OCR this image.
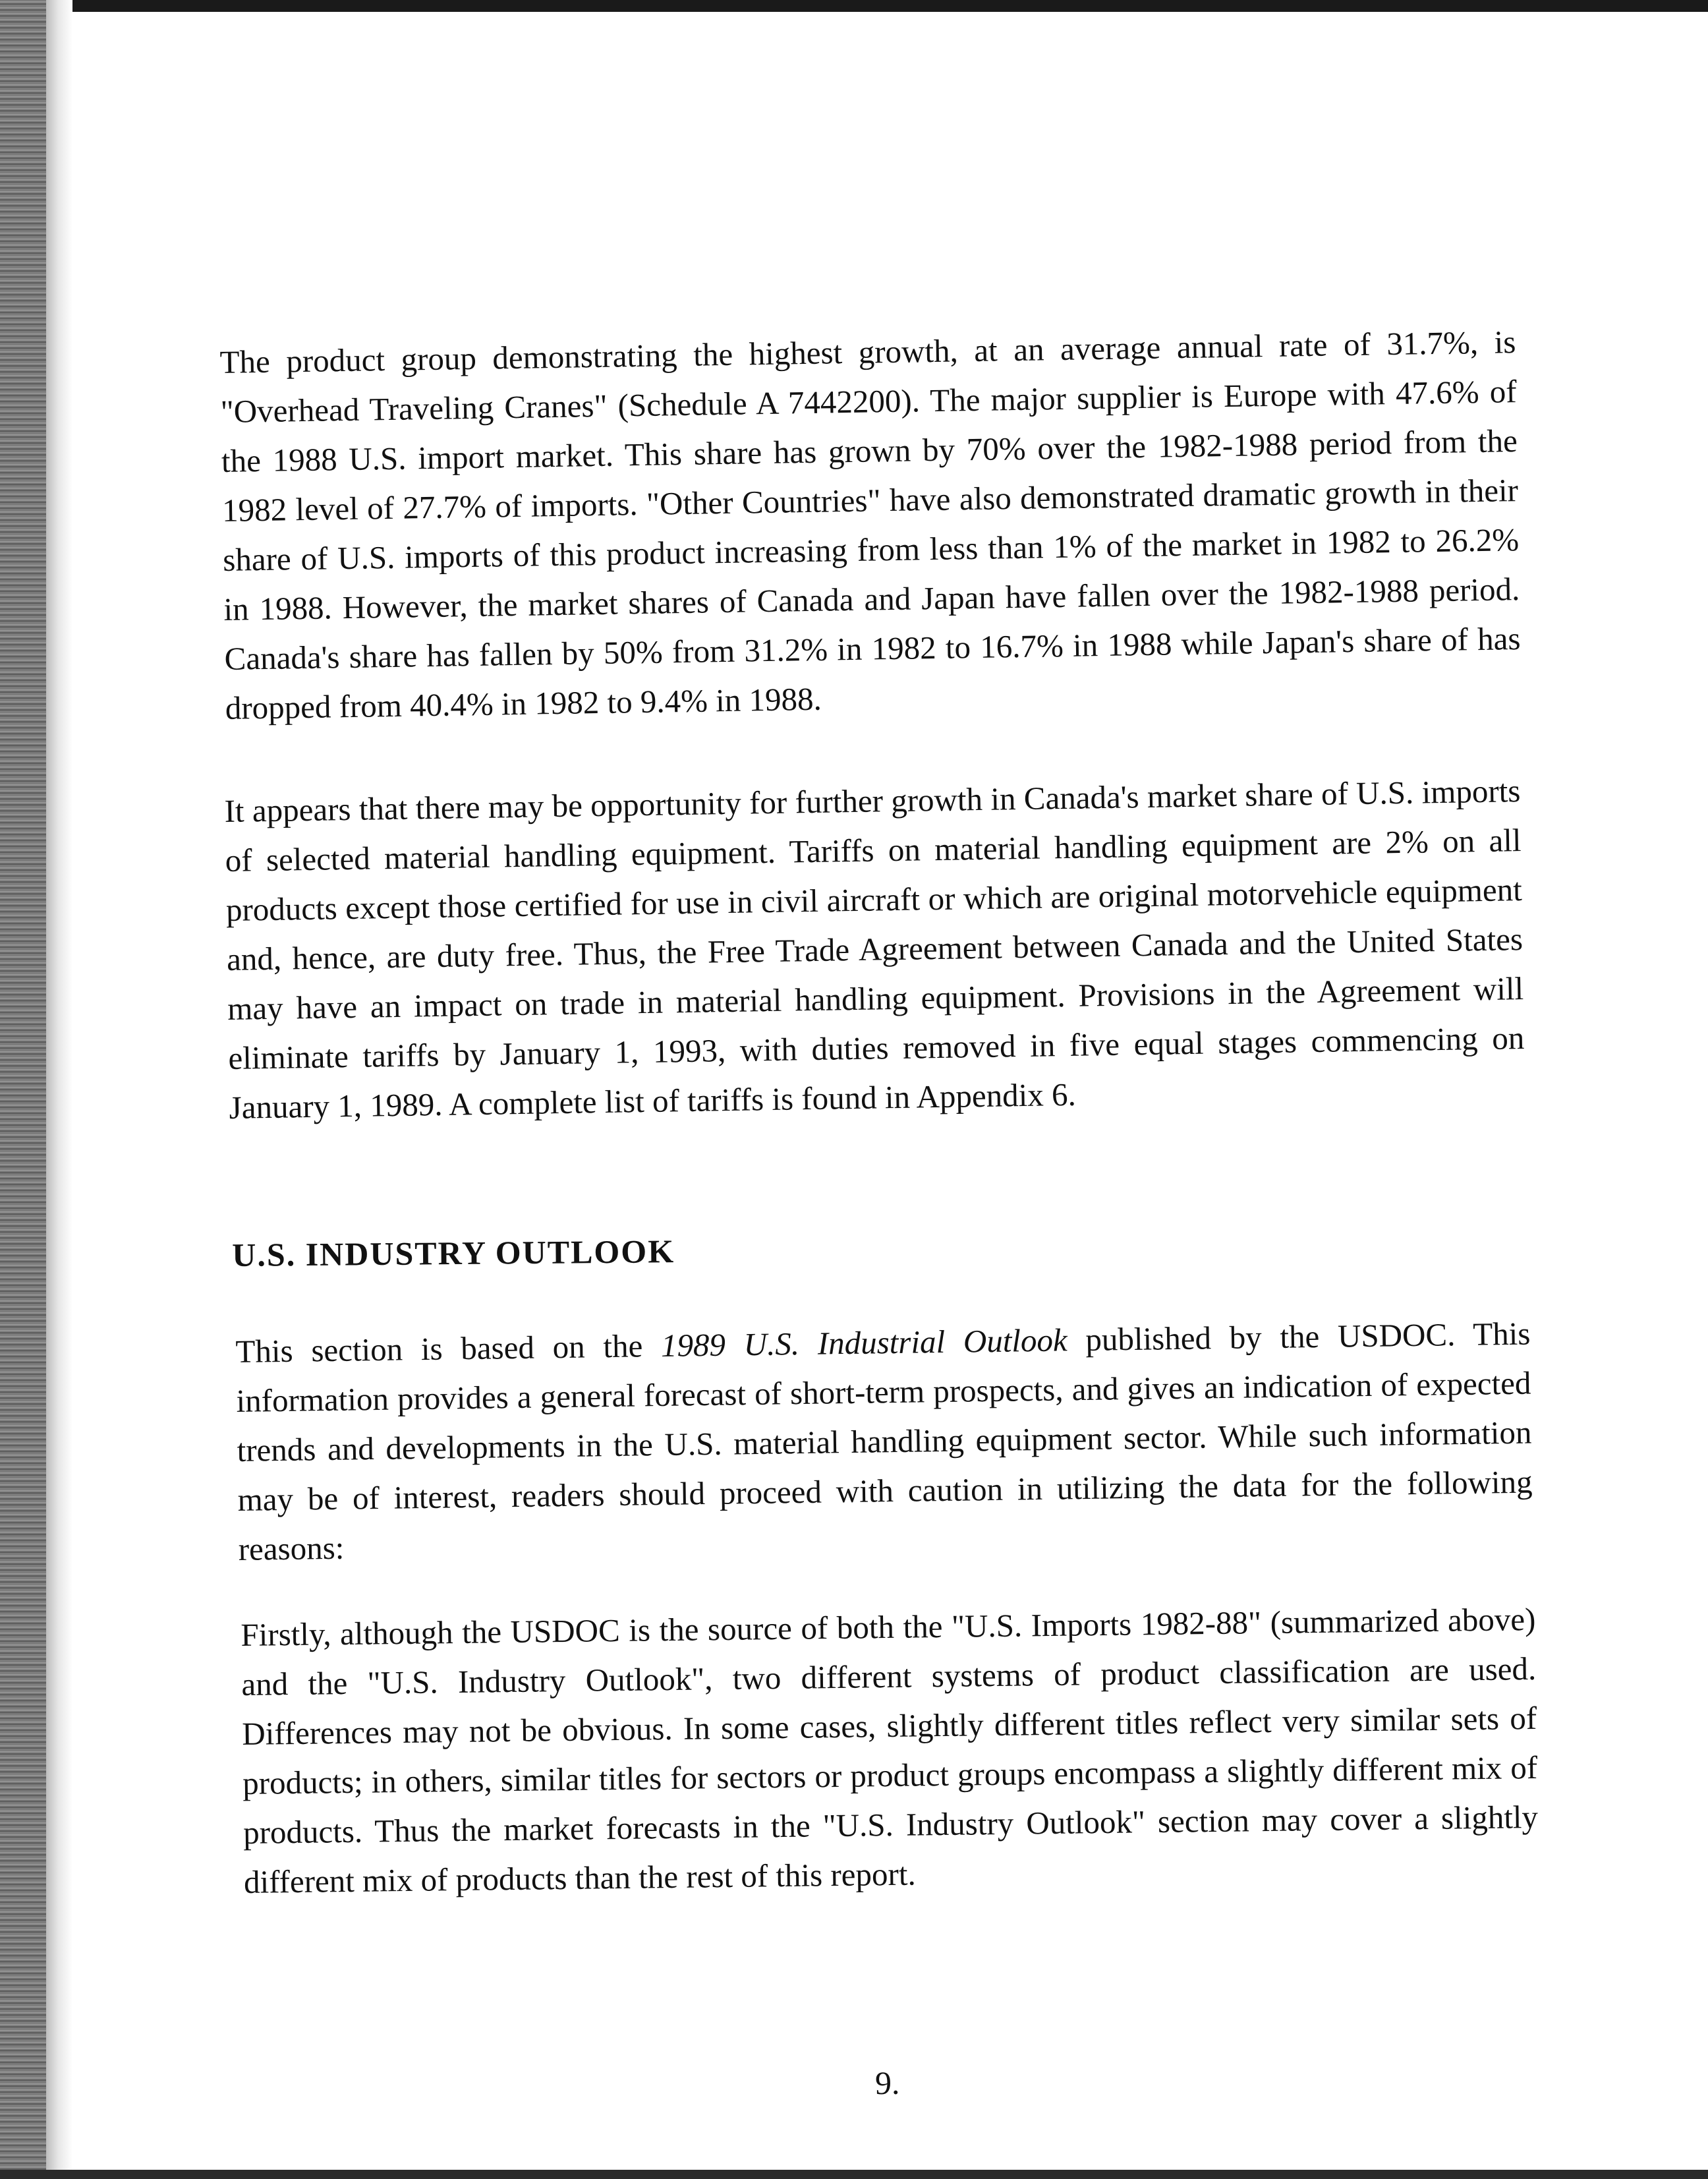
The product group demonstrating the highest growth, at an average annual rate of 31.7%, is "Overhead Traveling Cranes" (Schedule A 7442200). The major supplier is Europe with 47.6% of the 1988 U.S. import market. This share has grown by 70% over the 1982-1988 period from the 1982 level of 27.7% of imports. "Other Countries" have also demonstrated dramatic growth in their share of U.S. imports of this product increasing from less than 1% of the market in 1982 to 26.2% in 1988. However, the market shares of Canada and Japan have fallen over the 1982-1988 period. Canada's share has fallen by 50% from 31.2% in 1982 to 16.7% in 1988 while Japan's share of has dropped from 40.4% in 1982 to 9.4% in 1988.

It appears that there may be opportunity for further growth in Canada's market share of U.S. imports of selected material handling equipment. Tariffs on material handling equipment are 2% on all products except those certified for use in civil aircraft or which are original motorvehicle equipment and, hence, are duty free. Thus, the Free Trade Agreement between Canada and the United States may have an impact on trade in material handling equipment. Provisions in the Agreement will eliminate tariffs by January 1, 1993, with duties removed in five equal stages commencing on January 1, 1989. A complete list of tariffs is found in Appendix 6.

U.S. INDUSTRY OUTLOOK

This section is based on the 1989 U.S. Industrial Outlook published by the USDOC. This information provides a general forecast of short-term prospects, and gives an indication of expected trends and developments in the U.S. material handling equipment sector. While such information may be of interest, readers should proceed with caution in utilizing the data for the following reasons:

Firstly, although the USDOC is the source of both the "U.S. Imports 1982-88" (summarized above) and the "U.S. Industry Outlook", two different systems of product classification are used. Differences may not be obvious. In some cases, slightly different titles reflect very similar sets of products; in others, similar titles for sectors or product groups encompass a slightly different mix of products. Thus the market forecasts in the "U.S. Industry Outlook" section may cover a slightly different mix of products than the rest of this report.

9.
